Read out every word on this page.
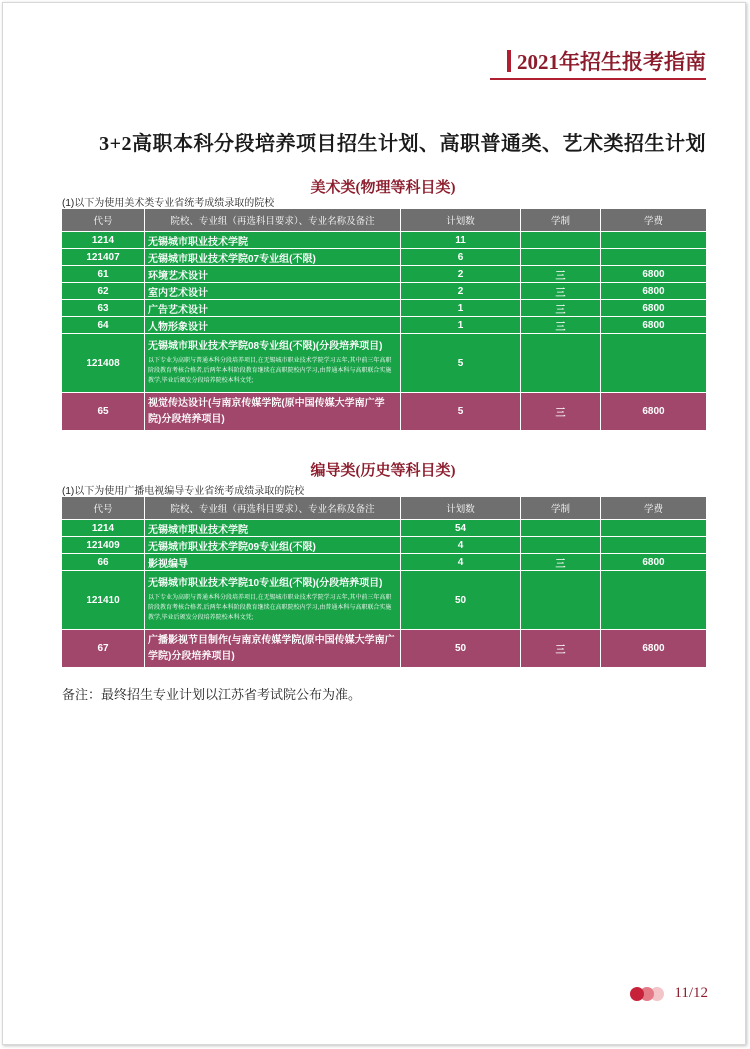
2021年招生报考指南
3+2高职本科分段培养项目招生计划、高职普通类、艺术类招生计划
美术类(物理等科目类)
(1)以下为使用美术类专业省统考成绩录取的院校
代号	院校、专业组（再选科目要求）、专业名称及备注	计划数	学制	学费
1214	无锡城市职业技术学院	11		
121407	无锡城市职业技术学院07专业组(不限)	6		
61	环境艺术设计	2	三	6800
62	室内艺术设计	2	三	6800
63	广告艺术设计	1	三	6800
64	人物形象设计	1	三	6800
121408	无锡城市职业技术学院08专业组(不限)(分段培养项目)
以下专业为高职与普通本科分段培养项目,在无锡城市职业技术学院学习五年,其中前三年高职阶段教育考核合格者,后两年本科阶段教育继续在高职院校内学习,由普通本科与高职联合实施教学,毕业后颁发分段培养院校本科文凭;	5		
65	视觉传达设计(与南京传媒学院(原中国传媒大学南广学院)分段培养项目)	5	三	6800
编导类(历史等科目类)
(1)以下为使用广播电视编导专业省统考成绩录取的院校
代号	院校、专业组（再选科目要求）、专业名称及备注	计划数	学制	学费
1214	无锡城市职业技术学院	54		
121409	无锡城市职业技术学院09专业组(不限)	4		
66	影视编导	4	三	6800
121410	无锡城市职业技术学院10专业组(不限)(分段培养项目)
以下专业为高职与普通本科分段培养项目,在无锡城市职业技术学院学习五年,其中前三年高职阶段教育考核合格者,后两年本科阶段教育继续在高职院校内学习,由普通本科与高职联合实施教学,毕业后颁发分段培养院校本科文凭;	50		
67	广播影视节目制作(与南京传媒学院(原中国传媒大学南广学院)分段培养项目)	50	三	6800
备注：最终招生专业计划以江苏省考试院公布为准。
11/12
